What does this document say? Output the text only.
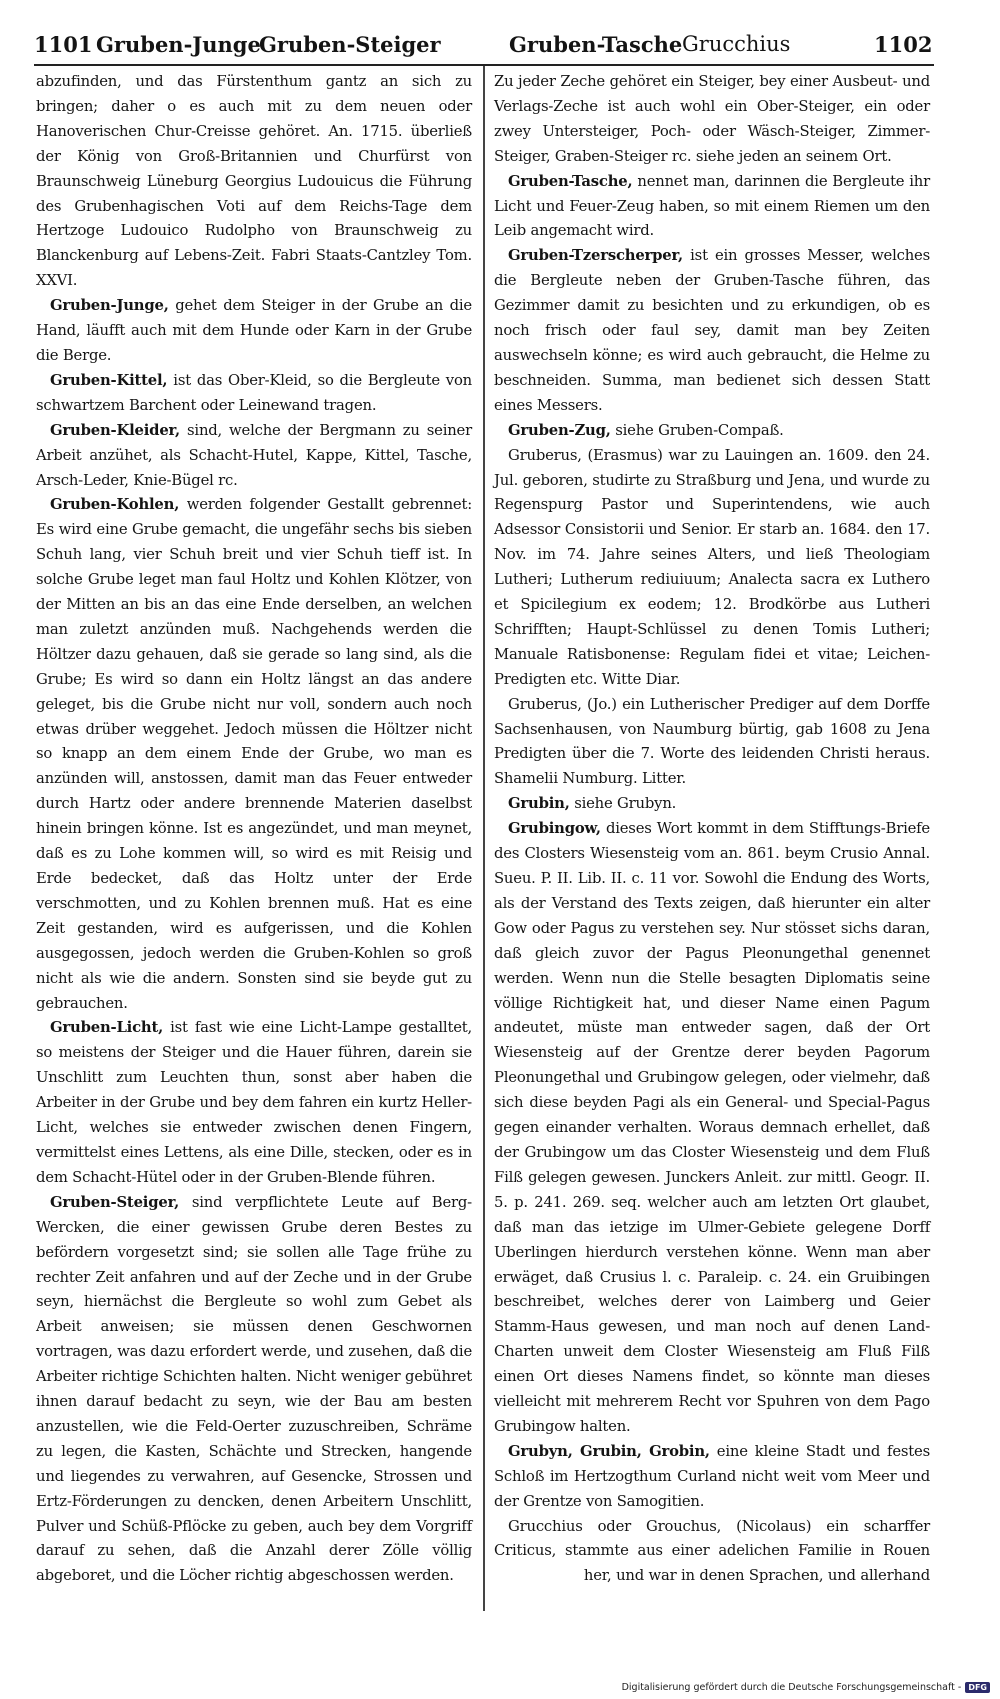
1101 Gruben-Junge
Gruben-Steiger	Gruben-Tasche Grucchius	1102

abzufinden, und das Fürstenthum gantz an sich zu bringen; daher o es auch mit zu dem neuen oder Hanoverischen Chur-Creisse gehöret. An. 1715. überließ der König von Groß-Britannien und Churfürst von Braunschweig Lüneburg Georgius Ludouicus die Führung des Grubenhagischen Voti auf dem Reichs-Tage dem Hertzoge Ludouico Rudolpho von Braunschweig zu Blanckenburg auf Lebens-Zeit. Fabri Staats-Cantzley Tom. XXVI.

Gruben-Junge, gehet dem Steiger in der Grube an die Hand, läufft auch mit dem Hunde oder Karn in der Grube die Berge.

Gruben-Kittel, ist das Ober-Kleid, so die Bergleute von schwartzem Barchent oder Leinewand tragen.

Gruben-Kleider, sind, welche der Bergmann zu seiner Arbeit anzühet, als Schacht-Hutel, Kappe, Kittel, Tasche, Arsch-Leder, Knie-Bügel rc.

Gruben-Kohlen, werden folgender Gestallt gebrennet: Es wird eine Grube gemacht, die ungefähr sechs bis sieben Schuh lang, vier Schuh breit und vier Schuh tieff ist. In solche Grube leget man faul Holtz und Kohlen Klötzer, von der Mitten an bis an das eine Ende derselben, an welchen man zuletzt anzünden muß. Nachgehends werden die Höltzer dazu gehauen, daß sie gerade so lang sind, als die Grube; Es wird so dann ein Holtz längst an das andere geleget, bis die Grube nicht nur voll, sondern auch noch etwas drüber weggehet. Jedoch müssen die Höltzer nicht so knapp an dem einem Ende der Grube, wo man es anzünden will, anstossen, damit man das Feuer entweder durch Hartz oder andere brennende Materien daselbst hinein bringen könne. Ist es angezündet, und man meynet, daß es zu Lohe kommen will, so wird es mit Reisig und Erde bedecket, daß das Holtz unter der Erde verschmotten, und zu Kohlen brennen muß. Hat es eine Zeit gestanden, wird es aufgerissen, und die Kohlen ausgegossen, jedoch werden die Gruben-Kohlen so groß nicht als wie die andern. Sonsten sind sie beyde gut zu gebrauchen.

Gruben-Licht, ist fast wie eine Licht-Lampe gestalltet, so meistens der Steiger und die Hauer führen, darein sie Unschlitt zum Leuchten thun, sonst aber haben die Arbeiter in der Grube und bey dem fahren ein kurtz Heller-Licht, welches sie entweder zwischen denen Fingern, vermittelst eines Lettens, als eine Dille, stecken, oder es in dem Schacht-Hütel oder in der Gruben-Blende führen.

Gruben-Steiger, sind verpflichtete Leute auf Berg-Wercken, die einer gewissen Grube deren Bestes zu befördern vorgesetzt sind; sie sollen alle Tage frühe zu rechter Zeit anfahren und auf der Zeche und in der Grube seyn, hiernächst die Bergleute so wohl zum Gebet als Arbeit anweisen; sie müssen denen Geschwornen vortragen, was dazu erfordert werde, und zusehen, daß die Arbeiter richtige Schichten halten. Nicht weniger gebühret ihnen darauf bedacht zu seyn, wie der Bau am besten anzustellen, wie die Feld-Oerter zuzuschreiben, Schräme zu legen, die Kasten, Schächte und Strecken, hangende und liegendes zu verwahren, auf Gesencke, Strossen und Ertz-Förderungen zu dencken, denen Arbeitern Unschlitt, Pulver und Schüß-Pflöcke zu geben, auch bey dem Vorgriff darauf zu sehen, daß die Anzahl derer Zölle völlig abgeboret, und die Löcher richtig abgeschossen werden.

Zu jeder Zeche gehöret ein Steiger, bey einer Ausbeut- und Verlags-Zeche ist auch wohl ein Ober-Steiger, ein oder zwey Untersteiger, Poch- oder Wäsch-Steiger, Zimmer-Steiger, Graben-Steiger rc. siehe jeden an seinem Ort.

Gruben-Tasche, nennet man, darinnen die Bergleute ihr Licht und Feuer-Zeug haben, so mit einem Riemen um den Leib angemacht wird.

Gruben-Tzerscherper, ist ein grosses Messer, welches die Bergleute neben der Gruben-Tasche führen, das Gezimmer damit zu besichten und zu erkundigen, ob es noch frisch oder faul sey, damit man bey Zeiten auswechseln könne; es wird auch gebraucht, die Helme zu beschneiden. Summa, man bedienet sich dessen Statt eines Messers.

Gruben-Zug, siehe Gruben-Compaß.

Gruberus, (Erasmus) war zu Lauingen an. 1609. den 24. Jul. geboren, studirte zu Straßburg und Jena, und wurde zu Regenspurg Pastor und Superintendens, wie auch Adsessor Consistorii und Senior. Er starb an. 1684. den 17. Nov. im 74. Jahre seines Alters, und ließ Theologiam Lutheri; Lutherum rediuiuum; Analecta sacra ex Luthero et Spicilegium ex eodem; 12. Brodkörbe aus Lutheri Schrifften; Haupt-Schlüssel zu denen Tomis Lutheri; Manuale Ratisbonense: Regulam fidei et vitae; Leichen-Predigten etc. Witte Diar.

Gruberus, (Jo.) ein Lutherischer Prediger auf dem Dorffe Sachsenhausen, von Naumburg bürtig, gab 1608 zu Jena Predigten über die 7. Worte des leidenden Christi heraus. Shamelii Numburg. Litter.

Grubin, siehe Grubyn.

Grubingow, dieses Wort kommt in dem Stifftungs-Briefe des Closters Wiesensteig vom an. 861. beym Crusio Annal. Sueu. P. II. Lib. II. c. 11 vor. Sowohl die Endung des Worts, als der Verstand des Texts zeigen, daß hierunter ein alter Gow oder Pagus zu verstehen sey. Nur stösset sichs daran, daß gleich zuvor der Pagus Pleonungethal genennet werden. Wenn nun die Stelle besagten Diplomatis seine völlige Richtigkeit hat, und dieser Name einen Pagum andeutet, müste man entweder sagen, daß der Ort Wiesensteig auf der Grentze derer beyden Pagorum Pleonungethal und Grubingow gelegen, oder vielmehr, daß sich diese beyden Pagi als ein General- und Special-Pagus gegen einander verhalten. Woraus demnach erhellet, daß der Grubingow um das Closter Wiesensteig und dem Fluß Filß gelegen gewesen. Junckers Anleit. zur mittl. Geogr. II. 5. p. 241. 269. seq. welcher auch am letzten Ort glaubet, daß man das ietzige im Ulmer-Gebiete gelegene Dorff Uberlingen hierdurch verstehen könne. Wenn man aber erwäget, daß Crusius l. c. Paraleip. c. 24. ein Gruibingen beschreibet, welches derer von Laimberg und Geier Stamm-Haus gewesen, und man noch auf denen Land-Charten unweit dem Closter Wiesensteig am Fluß Filß einen Ort dieses Namens findet, so könnte man dieses vielleicht mit mehrerem Recht vor Spuhren von dem Pago Grubingow halten.

Grubyn, Grubin, Grobin, eine kleine Stadt und festes Schloß im Hertzogthum Curland nicht weit vom Meer und der Grentze von Samogitien.

Grucchius oder Grouchus, (Nicolaus) ein scharffer Criticus, stammte aus einer adelichen Familie in Rouen her, und war in denen Sprachen, und allerhand

Digitalisierung gefördert durch die Deutsche Forschungsgemeinschaft - DFG
